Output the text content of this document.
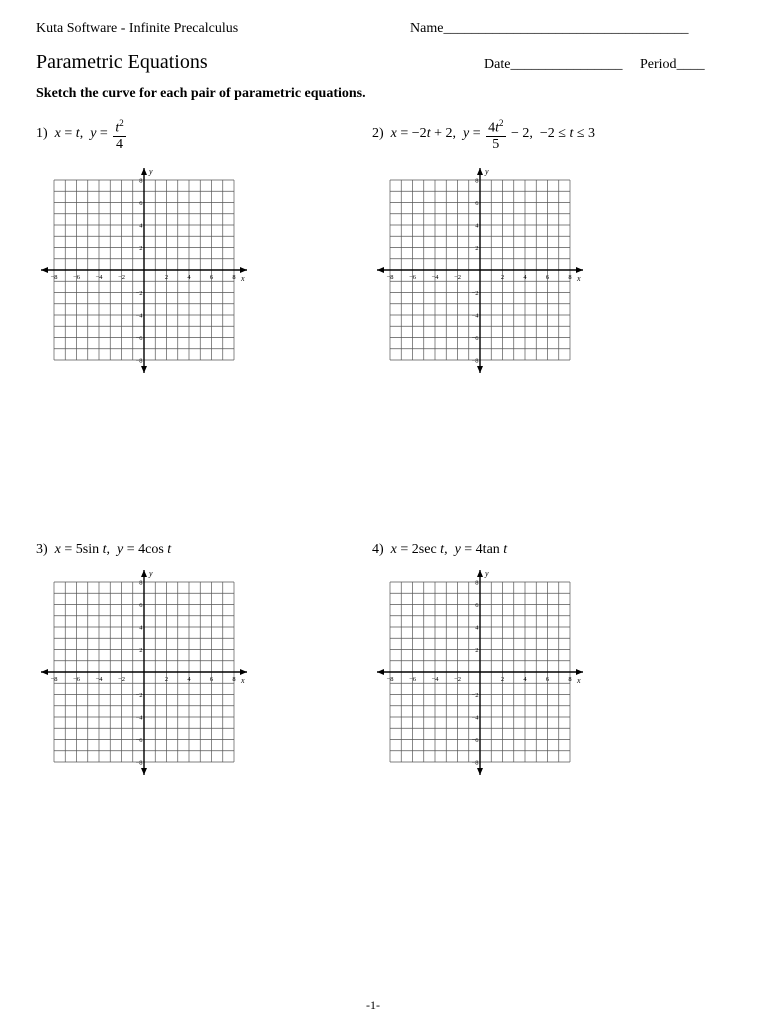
Kuta Software - Infinite Precalculus	Name___________________________________
Parametric Equations	Date________________ Period____
Sketch the curve for each pair of parametric equations.
1) x = t,  $y = \frac{t^2}{4}$	2) x = −2t + 2,  $y = \frac{4t^2}{5} - 2$,  −2 ≤ t ≤ 3
3) x = 5sin t,  y = 4cos t	4) x = 2sec t,  y = 4tan t
x
y
−8 −6 −4 −2	2	4	6	8
8
6
4
2
−2
−4
−6
−8
x
y
−8 −6 −4 −2	2	4	6	8
8
6
4
2
−2
−4
−6
−8
x
y
−8 −6 −4 −2	2	4	6	8
8
6
4
2
−2
−4
−6
−8
x
y
−8 −6 −4 −2	2	4	6	8
8
6
4
2
−2
−4
−6
−8
-1-
